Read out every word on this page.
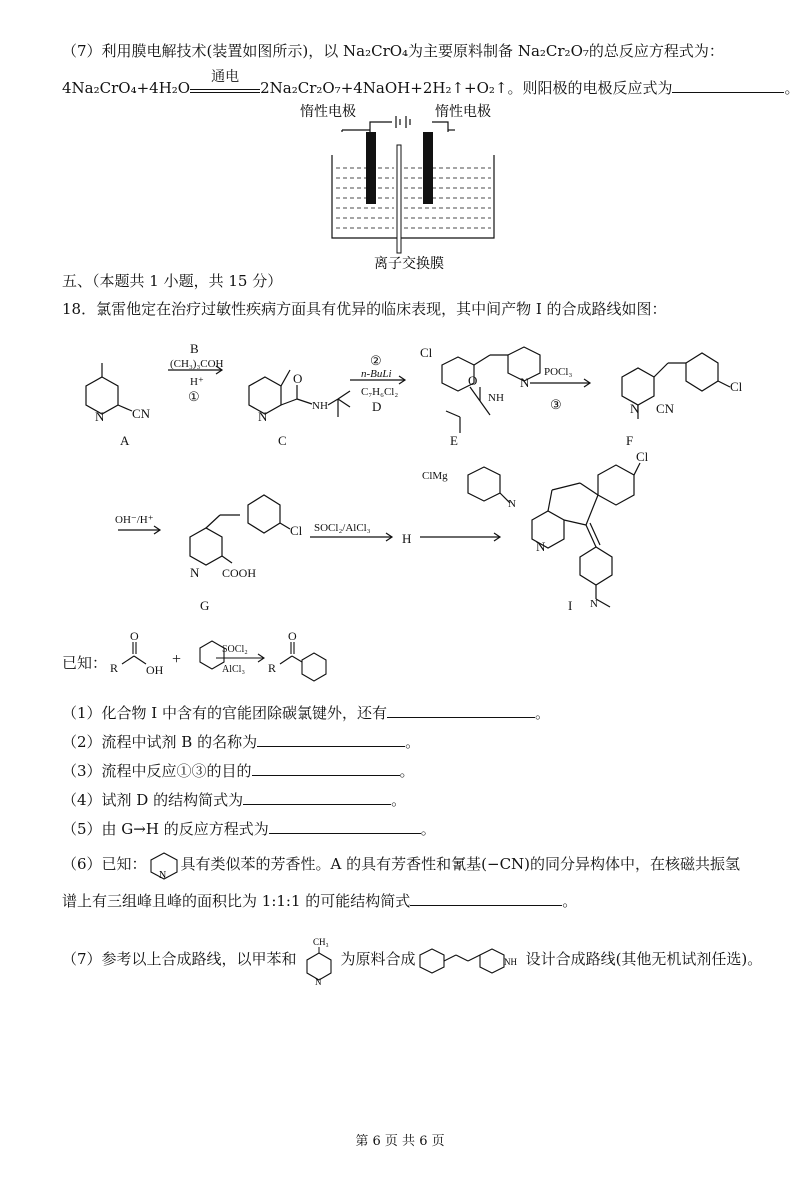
（7）利用膜电解技术(装置如图所示)，以 Na₂CrO₄为主要原料制备 Na₂Cr₂O₇的总反应方程式为：
4Na₂CrO₄+4H₂O
通电
2Na₂Cr₂O₇+4NaOH+2H₂↑+O₂↑。则阳极的电极反应式为	。
惰性电极	惰性电极
离子交换膜
五、（本题共 1 小题，共 15 分）
18．氯雷他定在治疗过敏性疾病方面具有优异的临床表现，其中间产物 I 的合成路线如图：
CN
N
A
B
(CH₃)₃COH
H⁺
①
N
O
NH
C
②
n-BuLi
C₇H₆Cl₂
D
Cl
N
O
NH
E
POCl₃
③	N CN
Cl
F
OH⁻/H⁺
N COOH
Cl
G
SOCl₂/AlCl₃
H
ClMg
N
N
Cl
N
I
已知： R OH
O
+
SOCl₂
AlCl₃ R
O
（1）化合物 I 中含有的官能团除碳氯键外，还有	。
（2）流程中试剂 B 的名称为	。
（3）流程中反应①③的目的	。
（4）试剂 D 的结构简式为	。
（5）由 G→H 的反应方程式为	。
（6）已知：
N
具有类似苯的芳香性。A 的具有芳香性和氰基(−CN)的同分异构体中，在核磁共振氢
谱上有三组峰且峰的面积比为 1:1:1 的可能结构简式	。
（7）参考以上合成路线，以甲苯和
CH₃
N
为原料合成	NH 设计合成路线(其他无机试剂任选)。
第 6 页 共 6 页
